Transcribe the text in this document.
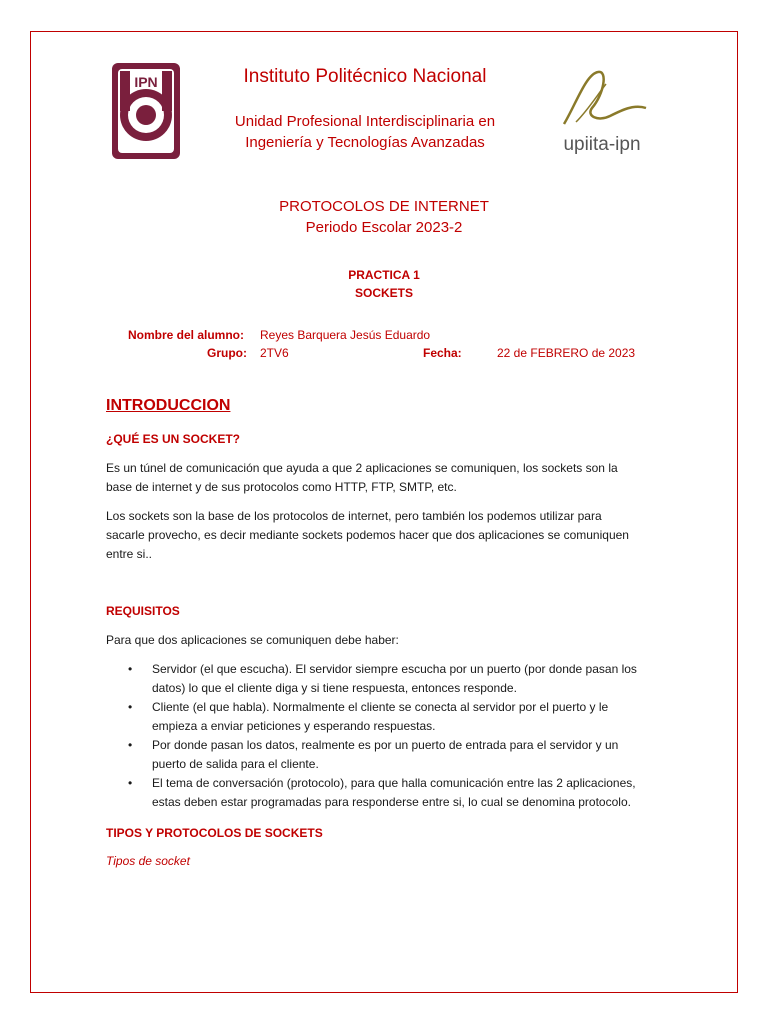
IPN
upiita-ipn
Instituto Politécnico Nacional
Unidad Profesional Interdisciplinaria en
Ingeniería y Tecnologías Avanzadas
PROTOCOLOS DE INTERNET
Periodo Escolar 2023-2
PRACTICA 1
SOCKETS
Nombre del alumno: Reyes Barquera Jesús Eduardo
Grupo: 2TV6	Fecha:	22 de FEBRERO de 2023
INTRODUCCION
¿QUÉ ES UN SOCKET?
Es un túnel de comunicación que ayuda a que 2 aplicaciones se comuniquen, los sockets son la
base de internet y de sus protocolos como HTTP, FTP, SMTP, etc.
Los sockets son la base de los protocolos de internet, pero también los podemos utilizar para
sacarle provecho, es decir mediante sockets podemos hacer que dos aplicaciones se comuniquen
entre si..
REQUISITOS
Para que dos aplicaciones se comuniquen debe haber:
• Servidor (el que escucha). El servidor siempre escucha por un puerto (por donde pasan los
datos) lo que el cliente diga y si tiene respuesta, entonces responde.
• Cliente (el que habla). Normalmente el cliente se conecta al servidor por el puerto y le
empieza a enviar peticiones y esperando respuestas.
• Por donde pasan los datos, realmente es por un puerto de entrada para el servidor y un
puerto de salida para el cliente.
• El tema de conversación (protocolo), para que halla comunicación entre las 2 aplicaciones,
estas deben estar programadas para responderse entre si, lo cual se denomina protocolo.
TIPOS Y PROTOCOLOS DE SOCKETS
Tipos de socket
